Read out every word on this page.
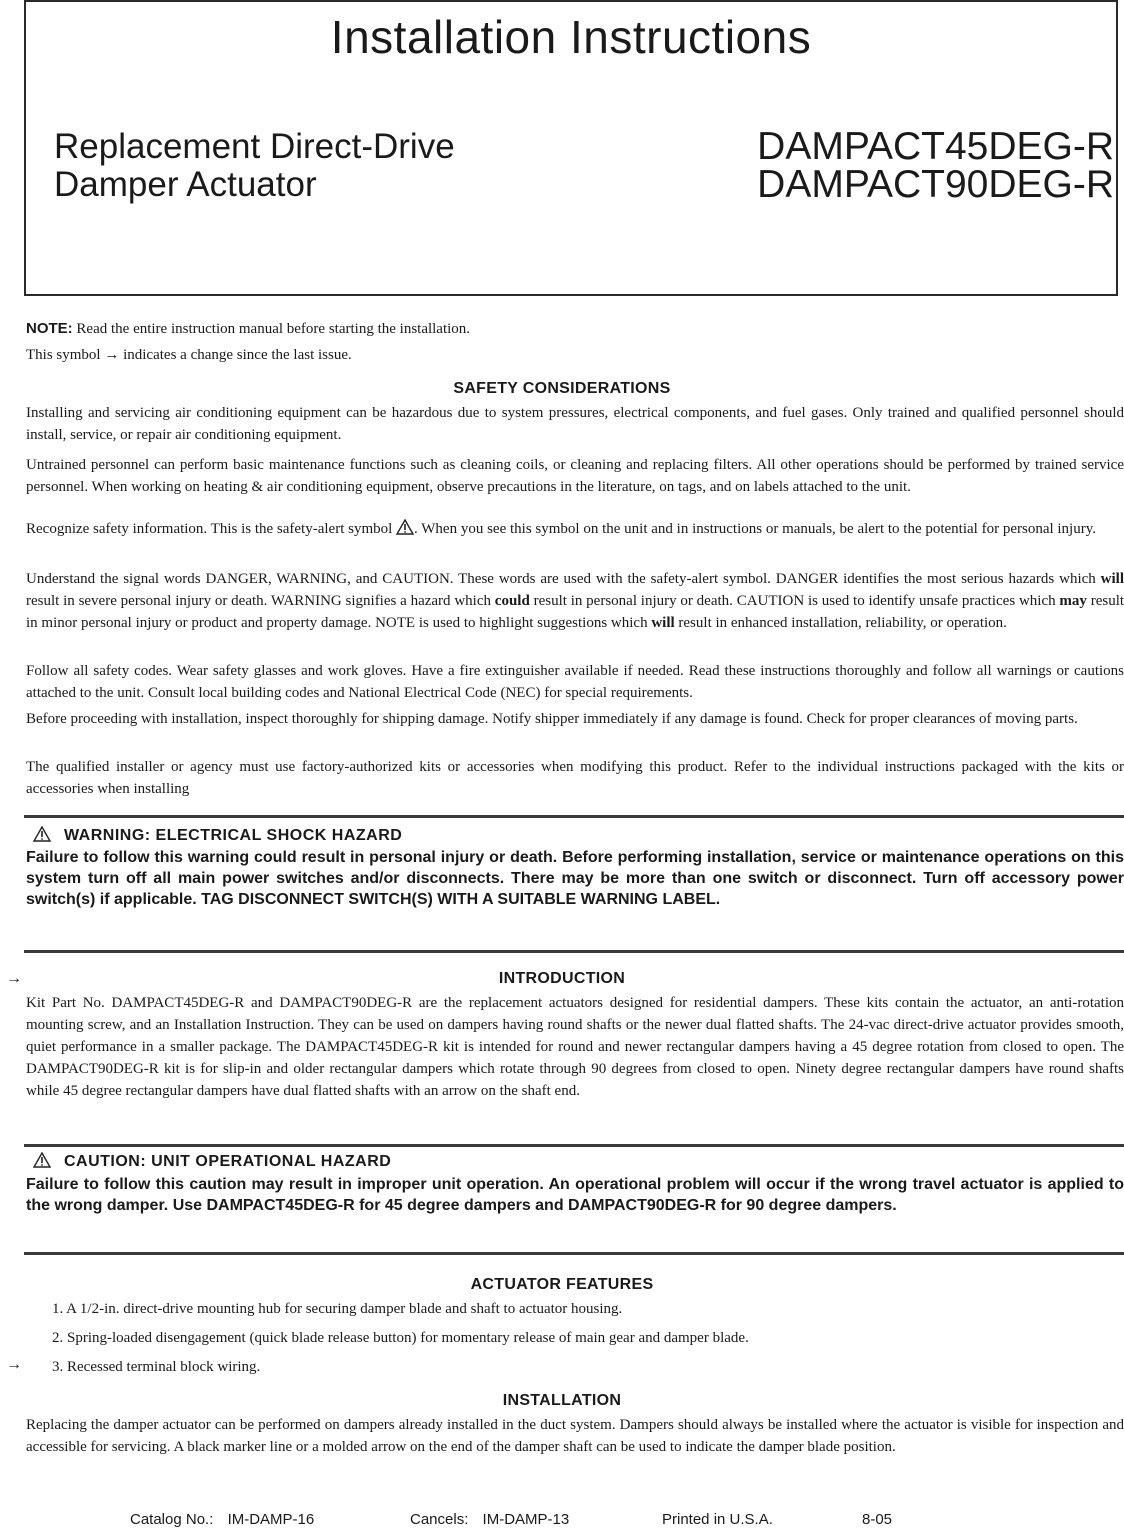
Installation Instructions
Replacement Direct-Drive
Damper Actuator
DAMPACT45DEG-R
DAMPACT90DEG-R

NOTE: Read the entire instruction manual before starting the installation.

This symbol → indicates a change since the last issue.

SAFETY CONSIDERATIONS

Installing and servicing air conditioning equipment can be hazardous due to system pressures, electrical components, and fuel gases. Only trained and qualified personnel should install, service, or repair air conditioning equipment.

Untrained personnel can perform basic maintenance functions such as cleaning coils, or cleaning and replacing filters. All other operations should be performed by trained service personnel. When working on heating & air conditioning equipment, observe precautions in the literature, on tags, and on labels attached to the unit.

Recognize safety information. This is the safety-alert symbol . When you see this symbol on the unit and in instructions or manuals, be alert to the potential for personal injury.

Understand the signal words DANGER, WARNING, and CAUTION. These words are used with the safety-alert symbol. DANGER identifies the most serious hazards which will result in severe personal injury or death. WARNING signifies a hazard which could result in personal injury or death. CAUTION is used to identify unsafe practices which may result in minor personal injury or product and property damage. NOTE is used to highlight suggestions which will result in enhanced installation, reliability, or operation.

Follow all safety codes. Wear safety glasses and work gloves. Have a fire extinguisher available if needed. Read these instructions thoroughly and follow all warnings or cautions attached to the unit. Consult local building codes and National Electrical Code (NEC) for special requirements.

Before proceeding with installation, inspect thoroughly for shipping damage. Notify shipper immediately if any damage is found. Check for proper clearances of moving parts.

The qualified installer or agency must use factory-authorized kits or accessories when modifying this product. Refer to the individual instructions packaged with the kits or accessories when installing

WARNING: ELECTRICAL SHOCK HAZARD

Failure to follow this warning could result in personal injury or death. Before performing installation, service or maintenance operations on this system turn off all main power switches and/or disconnects. There may be more than one switch or disconnect. Turn off accessory power switch(s) if applicable. TAG DISCONNECT SWITCH(S) WITH A SUITABLE WARNING LABEL.

→	INTRODUCTION

Kit Part No. DAMPACT45DEG-R and DAMPACT90DEG-R are the replacement actuators designed for residential dampers. These kits contain the actuator, an anti-rotation mounting screw, and an Installation Instruction. They can be used on dampers having round shafts or the newer dual flatted shafts. The 24-vac direct-drive actuator provides smooth, quiet performance in a smaller package. The DAMPACT45DEG-R kit is intended for round and newer rectangular dampers having a 45 degree rotation from closed to open. The DAMPACT90DEG-R kit is for slip-in and older rectangular dampers which rotate through 90 degrees from closed to open. Ninety degree rectangular dampers have round shafts while 45 degree rectangular dampers have dual flatted shafts with an arrow on the shaft end.

CAUTION: UNIT OPERATIONAL HAZARD

Failure to follow this caution may result in improper unit operation. An operational problem will occur if the wrong travel actuator is applied to the wrong damper. Use DAMPACT45DEG-R for 45 degree dampers and DAMPACT90DEG-R for 90 degree dampers.

ACTUATOR FEATURES
1. A 1/2-in. direct-drive mounting hub for securing damper blade and shaft to actuator housing.
2. Spring-loaded disengagement (quick blade release button) for momentary release of main gear and damper blade.
→ 3. Recessed terminal block wiring.
INSTALLATION

Replacing the damper actuator can be performed on dampers already installed in the duct system. Dampers should always be installed where the actuator is visible for inspection and accessible for servicing. A black marker line or a molded arrow on the end of the damper shaft can be used to indicate the damper blade position.

Catalog No.: IM-DAMP-16	Cancels: IM-DAMP-13	Printed in U.S.A.	8-05
